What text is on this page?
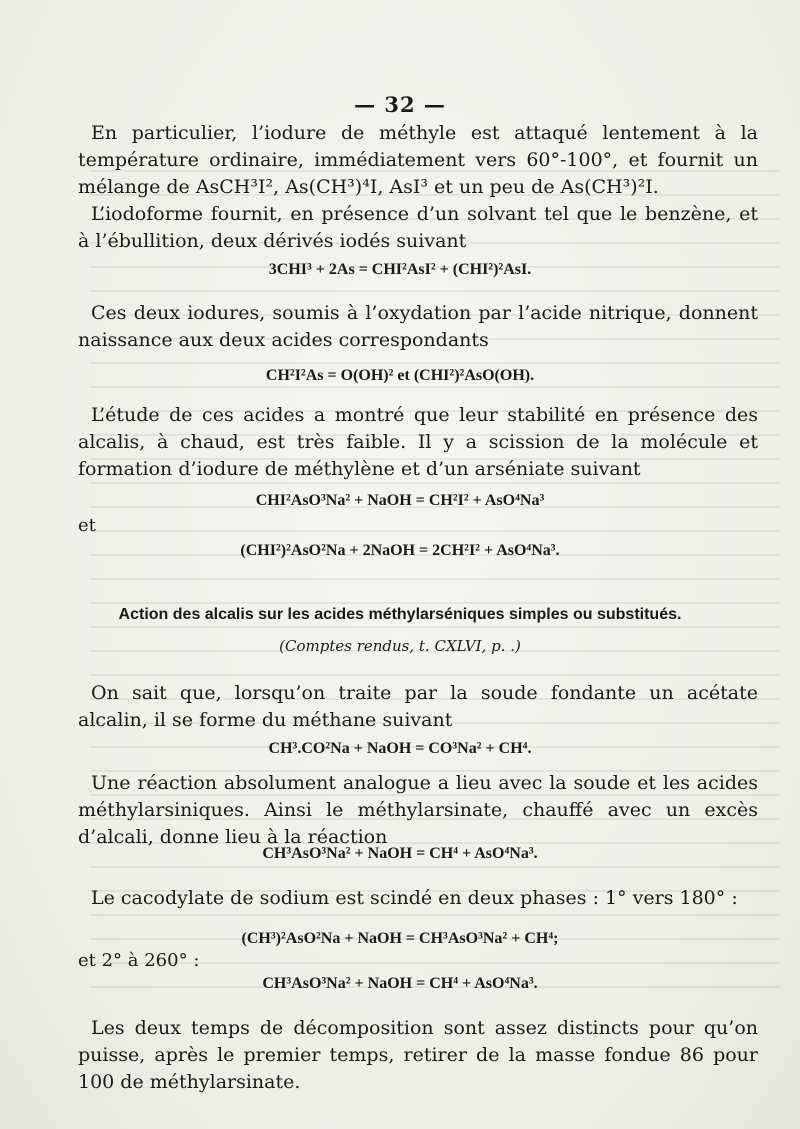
— 32 —
En particulier, l’iodure de méthyle est attaqué lentement à la température ordinaire, immédiatement vers 60°-100°, et fournit un mélange de AsCH³I², As(CH³)⁴I, AsI³ et un peu de As(CH³)²I.
L’iodoforme fournit, en présence d’un solvant tel que le benzène, et à l’ébullition, deux dérivés iodés suivant
3CHI³ + 2As = CHI²AsI² + (CHI²)²AsI.
Ces deux iodures, soumis à l’oxydation par l’acide nitrique, donnent naissance aux deux acides correspondants
CH²I²As = O(OH)² et (CHI²)²AsO(OH).
L’étude de ces acides a montré que leur stabilité en présence des alcalis, à chaud, est très faible. Il y a scission de la molécule et formation d’iodure de méthylène et d’un arséniate suivant
CHI²AsO³Na² + NaOH = CH²I² + AsO⁴Na³
et
(CHI²)²AsO²Na + 2NaOH = 2CH²I² + AsO⁴Na³.
Action des alcalis sur les acides méthylarséniques simples ou substitués.
(Comptes rendus, t. CXLVI, p. .)
On sait que, lorsqu’on traite par la soude fondante un acétate alcalin, il se forme du méthane suivant
CH³.CO²Na + NaOH = CO³Na² + CH⁴.
Une réaction absolument analogue a lieu avec la soude et les acides méthylarsiniques. Ainsi le méthylarsinate, chauffé avec un excès d’alcali, donne lieu à la réaction
CH³AsO³Na² + NaOH = CH⁴ + AsO⁴Na³.
Le cacodylate de sodium est scindé en deux phases : 1° vers 180° :
(CH³)²AsO²Na + NaOH = CH³AsO³Na² + CH⁴;
et 2° à 260° :
CH³AsO³Na² + NaOH = CH⁴ + AsO⁴Na³.
Les deux temps de décomposition sont assez distincts pour qu’on puisse, après le premier temps, retirer de la masse fondue 86 pour 100 de méthylarsinate.
